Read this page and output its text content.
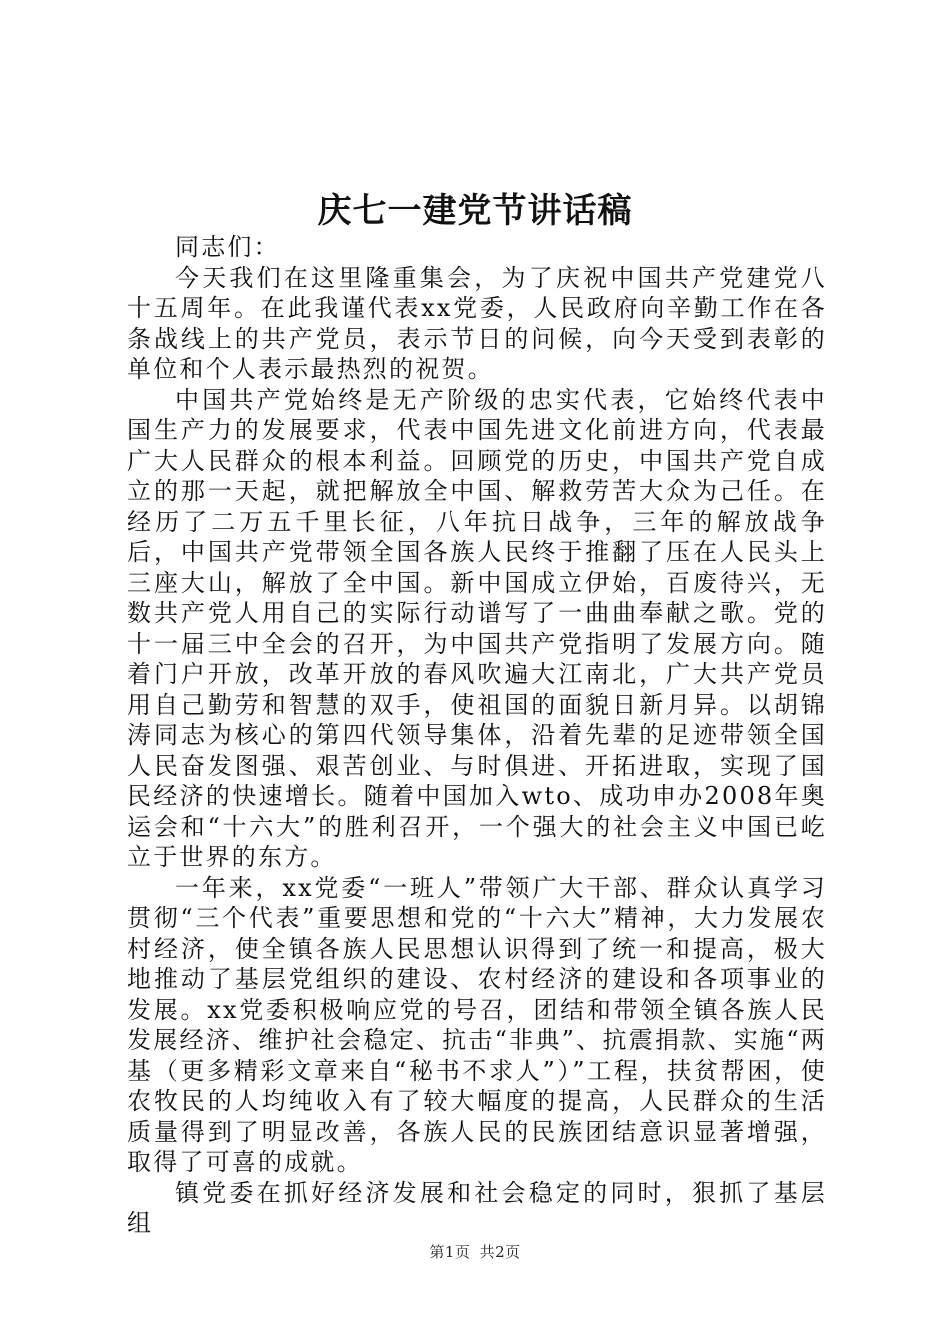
庆七一建党节讲话稿

同志们：

今天我们在这里隆重集会，为了庆祝中国共产党建党八十五周年。在此我谨代表xx党委，人民政府向辛勤工作在各条战线上的共产党员，表示节日的问候，向今天受到表彰的单位和个人表示最热烈的祝贺。

中国共产党始终是无产阶级的忠实代表，它始终代表中国生产力的发展要求，代表中国先进文化前进方向，代表最广大人民群众的根本利益。回顾党的历史，中国共产党自成立的那一天起，就把解放全中国、解救劳苦大众为己任。在经历了二万五千里长征，八年抗日战争，三年的解放战争后，中国共产党带领全国各族人民终于推翻了压在人民头上三座大山，解放了全中国。新中国成立伊始，百废待兴，无数共产党人用自己的实际行动谱写了一曲曲奉献之歌。党的十一届三中全会的召开，为中国共产党指明了发展方向。随着门户开放，改革开放的春风吹遍大江南北，广大共产党员用自己勤劳和智慧的双手，使祖国的面貌日新月异。以胡锦涛同志为核心的第四代领导集体，沿着先辈的足迹带领全国人民奋发图强、艰苦创业、与时俱进、开拓进取，实现了国民经济的快速增长。随着中国加入wto、成功申办2008年奥运会和“十六大”的胜利召开，一个强大的社会主义中国已屹立于世界的东方。

一年来，xx党委“一班人”带领广大干部、群众认真学习贯彻“三个代表”重要思想和党的“十六大”精神，大力发展农村经济，使全镇各族人民思想认识得到了统一和提高，极大地推动了基层党组织的建设、农村经济的建设和各项事业的发展。xx党委积极响应党的号召，团结和带领全镇各族人民发展经济、维护社会稳定、抗击“非典”、抗震捐款、实施“两基（更多精彩文章来自“秘书不求人”）”工程，扶贫帮困，使农牧民的人均纯收入有了较大幅度的提高，人民群众的生活质量得到了明显改善，各族人民的民族团结意识显著增强，取得了可喜的成就。

镇党委在抓好经济发展和社会稳定的同时，狠抓了基层组

第1页 共2页
